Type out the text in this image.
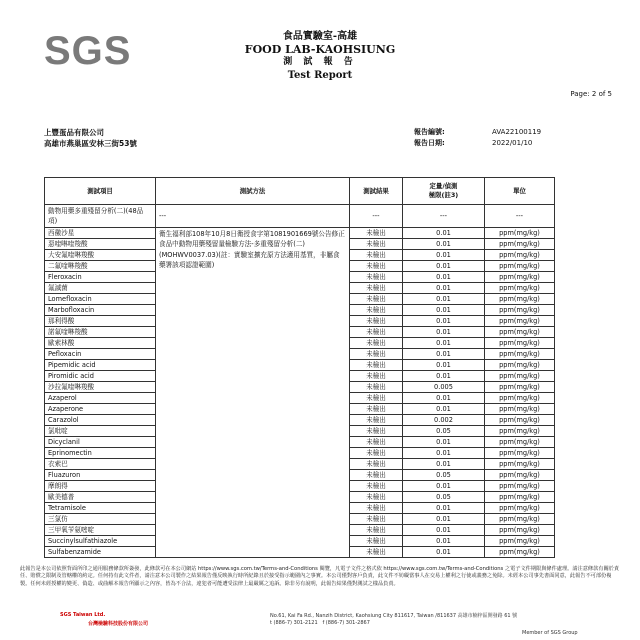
SGS	食品實驗室-高雄
FOOD LAB-KAOHSIUNG
測 試 報 告
Test Report
Page: 2 of 5
上豐蛋品有限公司
高雄市燕巢區安林三街53號
報告編號:	AVA22100119
報告日期:	2022/01/10
測試項目	測試方法	測試結果	定量/偵測
極限(註3)	單位
動物用藥多重殘留分析(二)(48品項)	---	---	---	---
西黴沙星	衛生福利部108年10月8日衛授食字第1081901669號公告修正食品中動物用藥殘留量檢驗方法-多重殘留分析(二)(MOHWV0037.03)(註：實驗室擴充原方法適用基質，非屬食藥署該項認證範圍)	未檢出	0.01	ppm(mg/kg)
惡喹啉喹羧酸		未檢出	0.01	ppm(mg/kg)
大安氟喹啉羧酸		未檢出	0.01	ppm(mg/kg)
二氟喹啉羧酸		未檢出	0.01	ppm(mg/kg)
Fleroxacin		未檢出	0.01	ppm(mg/kg)
氟滅菌		未檢出	0.01	ppm(mg/kg)
Lomefloxacin		未檢出	0.01	ppm(mg/kg)
Marbofloxacin		未檢出	0.01	ppm(mg/kg)
那利得酸		未檢出	0.01	ppm(mg/kg)
諾氟喹啉羧酸		未檢出	0.01	ppm(mg/kg)
歐索林酸		未檢出	0.01	ppm(mg/kg)
Pefloxacin		未檢出	0.01	ppm(mg/kg)
Pipemidic acid		未檢出	0.01	ppm(mg/kg)
Piromidic acid		未檢出	0.01	ppm(mg/kg)
沙拉氟喹啉羧酸		未檢出	0.005	ppm(mg/kg)
Azaperol		未檢出	0.01	ppm(mg/kg)
Azaperone		未檢出	0.01	ppm(mg/kg)
Carazolol		未檢出	0.002	ppm(mg/kg)
氯吡啶		未檢出	0.05	ppm(mg/kg)
Dicyclanil		未檢出	0.01	ppm(mg/kg)
Eprinomectin		未檢出	0.01	ppm(mg/kg)
衣索巴		未檢出	0.01	ppm(mg/kg)
Fluazuron		未檢出	0.05	ppm(mg/kg)
摩朗得		未檢出	0.01	ppm(mg/kg)
歐美德普		未檢出	0.05	ppm(mg/kg)
Tetramisole		未檢出	0.01	ppm(mg/kg)
三氯仿		未檢出	0.01	ppm(mg/kg)
三甲氧苄氨嘧啶		未檢出	0.01	ppm(mg/kg)
Succinylsulfathiazole		未檢出	0.01	ppm(mg/kg)
Sulfabenzamide		未檢出	0.01	ppm(mg/kg)
此報告是本公司依照背面所印之通用服務條款所簽發，此條款可在本公司網站 https://www.sgs.com.tw/Terms-and-Conditions 閱覽，凡電子文件之格式依 https://www.sgs.com.tw/Terms-and-Conditions 之電子文件期限與條件處理。請注意條款有關於責任、賠償之限制及管轄權的約定。任何持有此文件者，請注意本公司製作之結果報告僅反映執行時所紀錄且於接受指示範圍內之事實。本公司僅對客戶負責，此文件不妨礙當事人在交易上權利之行使或義務之免除。未經本公司事先書面同意，此報告不可部份複製。任何未經授權的變更、偽造、或曲解本報告所顯示之內容，皆為不合法，違犯者可能遭受法律上最嚴厲之追訴。除非另有說明，此報告結果僅對測試之樣品負責。
SGS Taiwan Ltd.	No.61, Kai Fa Rd., Nanzih District, Kaohsiung City 811617, Taiwan /811637 高雄市楠梓區開發路 61 號
台灣檢驗科技股份有限公司	t (886-7) 301-2121 f (886-7) 301-2867
Member of SGS Group
